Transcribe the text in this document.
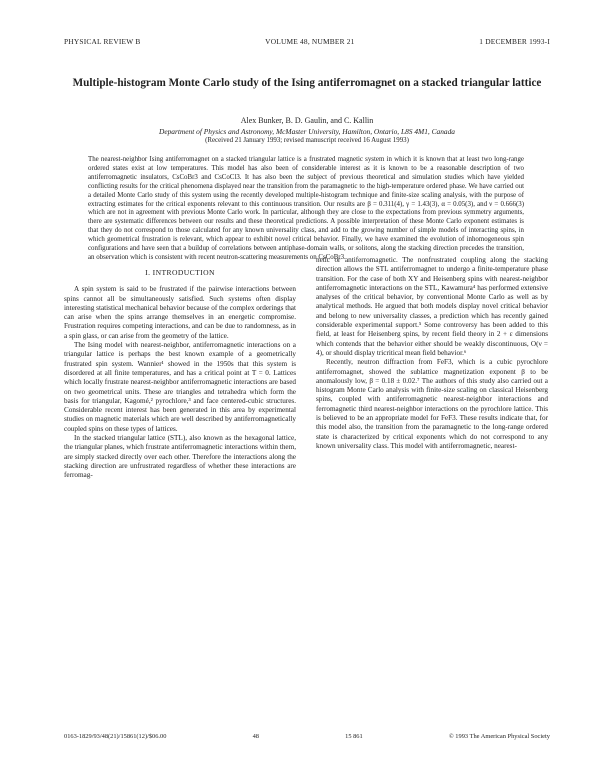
PHYSICAL REVIEW B	VOLUME 48, NUMBER 21	1 DECEMBER 1993-I
Multiple-histogram Monte Carlo study of the Ising antiferromagnet on a stacked triangular lattice
Alex Bunker, B. D. Gaulin, and C. Kallin
Department of Physics and Astronomy, McMaster University, Hamilton, Ontario, L8S 4M1, Canada
(Received 21 January 1993; revised manuscript received 16 August 1993)
The nearest-neighbor Ising antiferromagnet on a stacked triangular lattice is a frustrated magnetic system in which it is known that at least two long-range ordered states exist at low temperatures. This model has also been of considerable interest as it is known to be a reasonable description of two antiferromagnetic insulators, CsCoBr3 and CsCoCl3. It has also been the subject of previous theoretical and simulation studies which have yielded conflicting results for the critical phenomena displayed near the transition from the paramagnetic to the high-temperature ordered phase. We have carried out a detailed Monte Carlo study of this system using the recently developed multiple-histogram technique and finite-size scaling analysis, with the purpose of extracting estimates for the critical exponents relevant to this continuous transition. Our results are β = 0.311(4), γ = 1.43(3), α = 0.05(3), and ν = 0.666(3) which are not in agreement with previous Monte Carlo work. In particular, although they are close to the expectations from previous symmetry arguments, there are systematic differences between our results and these theoretical predictions. A possible interpretation of these Monte Carlo exponent estimates is that they do not correspond to those calculated for any known universality class, and add to the growing number of simple models of interacting spins, in which geometrical frustration is relevant, which appear to exhibit novel critical behavior. Finally, we have examined the evolution of inhomogeneous spin configurations and have seen that a buildup of correlations between antiphase-domain walls, or solitons, along the stacking direction precedes the transition, an observation which is consistent with recent neutron-scattering measurements on CsCoBr3.
I. INTRODUCTION

A spin system is said to be frustrated if the pairwise interactions between spins cannot all be simultaneously satisfied. Such systems often display interesting statistical mechanical behavior because of the complex orderings that can arise when the spins arrange themselves in an energetic compromise. Frustration requires competing interactions, and can be due to randomness, as in a spin glass, or can arise from the geometry of the lattice.

The Ising model with nearest-neighbor, antiferromagnetic interactions on a triangular lattice is perhaps the best known example of a geometrically frustrated spin system. Wannier¹ showed in the 1950s that this system is disordered at all finite temperatures, and has a critical point at T = 0. Lattices which locally frustrate nearest-neighbor antiferromagnetic interactions are based on two geometrical units. These are triangles and tetrahedra which form the basis for triangular, Kagomé,² pyrochlore,³ and face centered-cubic structures. Considerable recent interest has been generated in this area by experimental studies on magnetic materials which are well described by antiferromagnetically coupled spins on these types of lattices.

In the stacked triangular lattice (STL), also known as the hexagonal lattice, the triangular planes, which frustrate antiferromagnetic interactions within them, are simply stacked directly over each other. Therefore the interactions along the stacking direction are unfrustrated regardless of whether these interactions are ferromag-

netic or antiferromagnetic. The nonfrustrated coupling along the stacking direction allows the STL antiferromagnet to undergo a finite-temperature phase transition. For the case of both XY and Heisenberg spins with nearest-neighbor antiferromagnetic interactions on the STL, Kawamura⁴ has performed extensive analyses of the critical behavior, by conventional Monte Carlo as well as by analytical methods. He argued that both models display novel critical behavior and belong to new universality classes, a prediction which has recently gained considerable experimental support.⁵ Some controversy has been added to this field, at least for Heisenberg spins, by recent field theory in 2 + ε dimensions which contends that the behavior either should be weakly discontinuous, O(ν = 4), or should display tricritical mean field behavior.⁶

Recently, neutron diffraction from FeF3, which is a cubic pyrochlore antiferromagnet, showed the sublattice magnetization exponent β to be anomalously low, β = 0.18 ± 0.02.⁷ The authors of this study also carried out a histogram Monte Carlo analysis with finite-size scaling on classical Heisenberg spins, coupled with antiferromagnetic nearest-neighbor interactions and ferromagnetic third nearest-neighbor interactions on the pyrochlore lattice. This is believed to be an appropriate model for FeF3. These results indicate that, for this model also, the transition from the paramagnetic to the long-range ordered state is characterized by critical exponents which do not correspond to any known universality class. This model with antiferromagnetic, nearest-

0163-1829/93/48(21)/15861(12)/$06.00	48	15 861	© 1993 The American Physical Society
